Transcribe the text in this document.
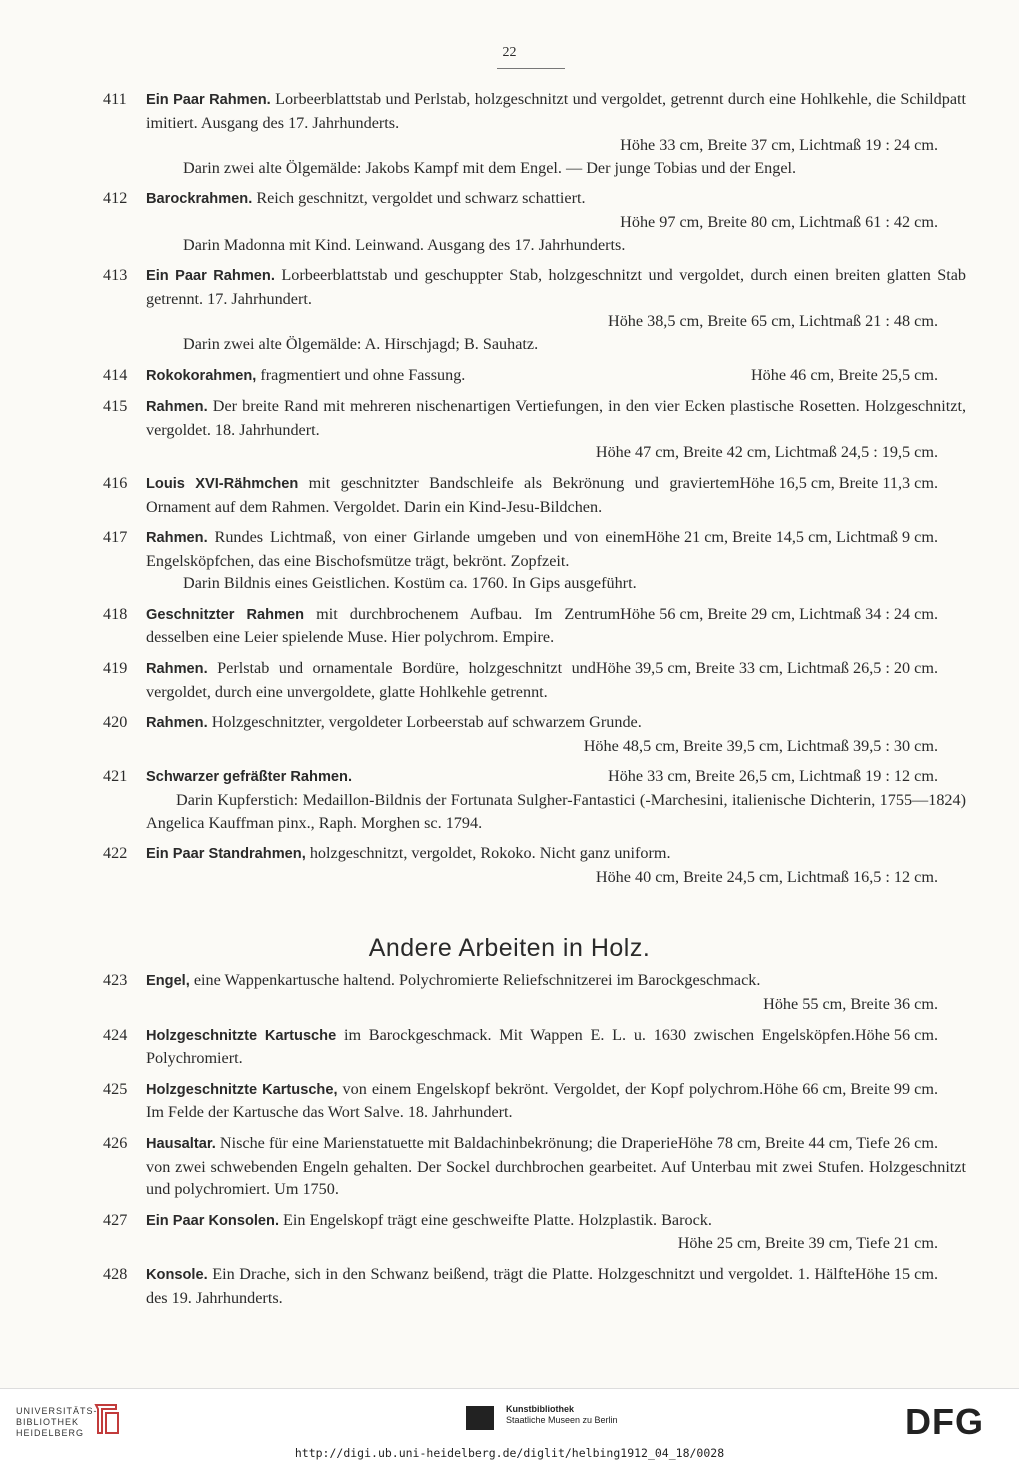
22
411 Ein Paar Rahmen. Lorbeerblattstab und Perlstab, holzgeschnitzt und vergoldet, getrennt durch eine Hohlkehle, die Schildpatt imitiert. Ausgang des 17. Jahrhunderts.
Höhe 33 cm, Breite 37 cm, Lichtmaß 19 : 24 cm.
Darin zwei alte Ölgemälde: Jakobs Kampf mit dem Engel. — Der junge Tobias und der Engel.
412 Barockrahmen. Reich geschnitzt, vergoldet und schwarz schattiert.
Höhe 97 cm, Breite 80 cm, Lichtmaß 61 : 42 cm.
Darin Madonna mit Kind. Leinwand. Ausgang des 17. Jahrhunderts.
413 Ein Paar Rahmen. Lorbeerblattstab und geschuppter Stab, holzgeschnitzt und vergoldet, durch einen breiten glatten Stab getrennt. 17. Jahrhundert.
Höhe 38,5 cm, Breite 65 cm, Lichtmaß 21 : 48 cm.
Darin zwei alte Ölgemälde: A. Hirschjagd; B. Sauhatz.
414 Rokokorahmen,	Höhe 46 cm, Breite 25,5 cm.
fragmentiert und ohne Fassung.
415 Rahmen. Der breite Rand mit mehreren nischenartigen Vertiefungen, in den vier Ecken plastische Rosetten. Holzgeschnitzt, vergoldet. 18. Jahrhundert.
Höhe 47 cm, Breite 42 cm, Lichtmaß 24,5 : 19,5 cm.
416 Louis XVI-Rähmchen	Höhe 16,5 cm, Breite 11,3 cm.
mit geschnitzter Bandschleife als Bekrönung und graviertem Ornament auf dem Rahmen. Vergoldet. Darin ein Kind-Jesu-Bildchen.
417 Rahmen.	Höhe 21 cm, Breite 14,5 cm, Lichtmaß 9 cm.
Rundes Lichtmaß, von einer Girlande umgeben und von einem Engelsköpfchen, das eine Bischofsmütze trägt, bekrönt. Zopfzeit.
Darin Bildnis eines Geistlichen. Kostüm ca. 1760. In Gips ausgeführt.
418 Geschnitzter Rahmen	Höhe 56 cm, Breite 29 cm, Lichtmaß 34 : 24 cm.
mit durchbrochenem Aufbau. Im Zentrum desselben eine Leier spielende Muse. Hier polychrom. Empire.
419 Rahmen.	Höhe 39,5 cm, Breite 33 cm, Lichtmaß 26,5 : 20 cm.
Perlstab und ornamentale Bordüre, holzgeschnitzt und vergoldet, durch eine unvergoldete, glatte Hohlkehle getrennt.
420 Rahmen. Holzgeschnitzter, vergoldeter Lorbeerstab auf schwarzem Grunde.
Höhe 48,5 cm, Breite 39,5 cm, Lichtmaß 39,5 : 30 cm.
421 Schwarzer gefräßter Rahmen.	Höhe 33 cm, Breite 26,5 cm, Lichtmaß 19 : 12 cm.
Darin Kupferstich: Medaillon-Bildnis der Fortunata Sulgher-Fantastici (-Marchesini, italienische Dichterin, 1755—1824) Angelica Kauffman pinx., Raph. Morghen sc. 1794.
422 Ein Paar Standrahmen, holzgeschnitzt, vergoldet, Rokoko. Nicht ganz uniform.
Höhe 40 cm, Breite 24,5 cm, Lichtmaß 16,5 : 12 cm.
Andere Arbeiten in Holz.
423 Engel, eine Wappenkartusche haltend. Polychromierte Reliefschnitzerei im Barockgeschmack.
Höhe 55 cm, Breite 36 cm.
424 Holzgeschnitzte Kartusche	Höhe 56 cm.
im Barockgeschmack. Mit Wappen E. L. u. 1630 zwischen Engelsköpfen. Polychromiert.
425 Holzgeschnitzte Kartusche,	Höhe 66 cm, Breite 99 cm.
von einem Engelskopf bekrönt. Vergoldet, der Kopf polychrom. Im Felde der Kartusche das Wort Salve. 18. Jahrhundert.
426 Hausaltar.	Höhe 78 cm, Breite 44 cm, Tiefe 26 cm.
Nische für eine Marienstatuette mit Baldachinbekrönung; die Draperie von zwei schwebenden Engeln gehalten. Der Sockel durchbrochen gearbeitet. Auf Unterbau mit zwei Stufen. Holzgeschnitzt und polychromiert. Um 1750.
427 Ein Paar Konsolen. Ein Engelskopf trägt eine geschweifte Platte. Holzplastik. Barock.
Höhe 25 cm, Breite 39 cm, Tiefe 21 cm.
428 Konsole.	Höhe 15 cm.
Ein Drache, sich in den Schwanz beißend, trägt die Platte. Holzgeschnitzt und vergoldet. 1. Hälfte des 19. Jahrhunderts.
UNIVERSITÄTS-
BIBLIOTHEK
HEIDELBERG
Kunstbibliothek
Staatliche Museen zu Berlin	DFG
http://digi.ub.uni-heidelberg.de/diglit/helbing1912_04_18/0028
